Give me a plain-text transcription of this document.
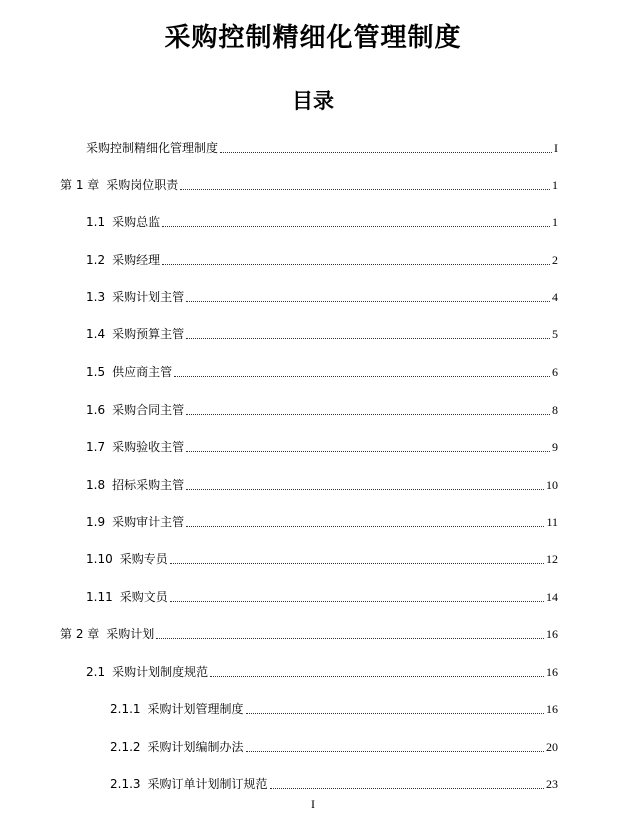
采购控制精细化管理制度
目录
采购控制精细化管理制度	I
第 1 章 采购岗位职责	1
1.1 采购总监	1
1.2 采购经理	2
1.3 采购计划主管	4
1.4 采购预算主管	5
1.5 供应商主管	6
1.6 采购合同主管	8
1.7 采购验收主管	9
1.8 招标采购主管	10
1.9 采购审计主管	11
1.10 采购专员	12
1.11 采购文员	14
第 2 章 采购计划	16
2.1 采购计划制度规范	16
2.1.1 采购计划管理制度	16
2.1.2 采购计划编制办法	20
2.1.3 采购订单计划制订规范	23
I
